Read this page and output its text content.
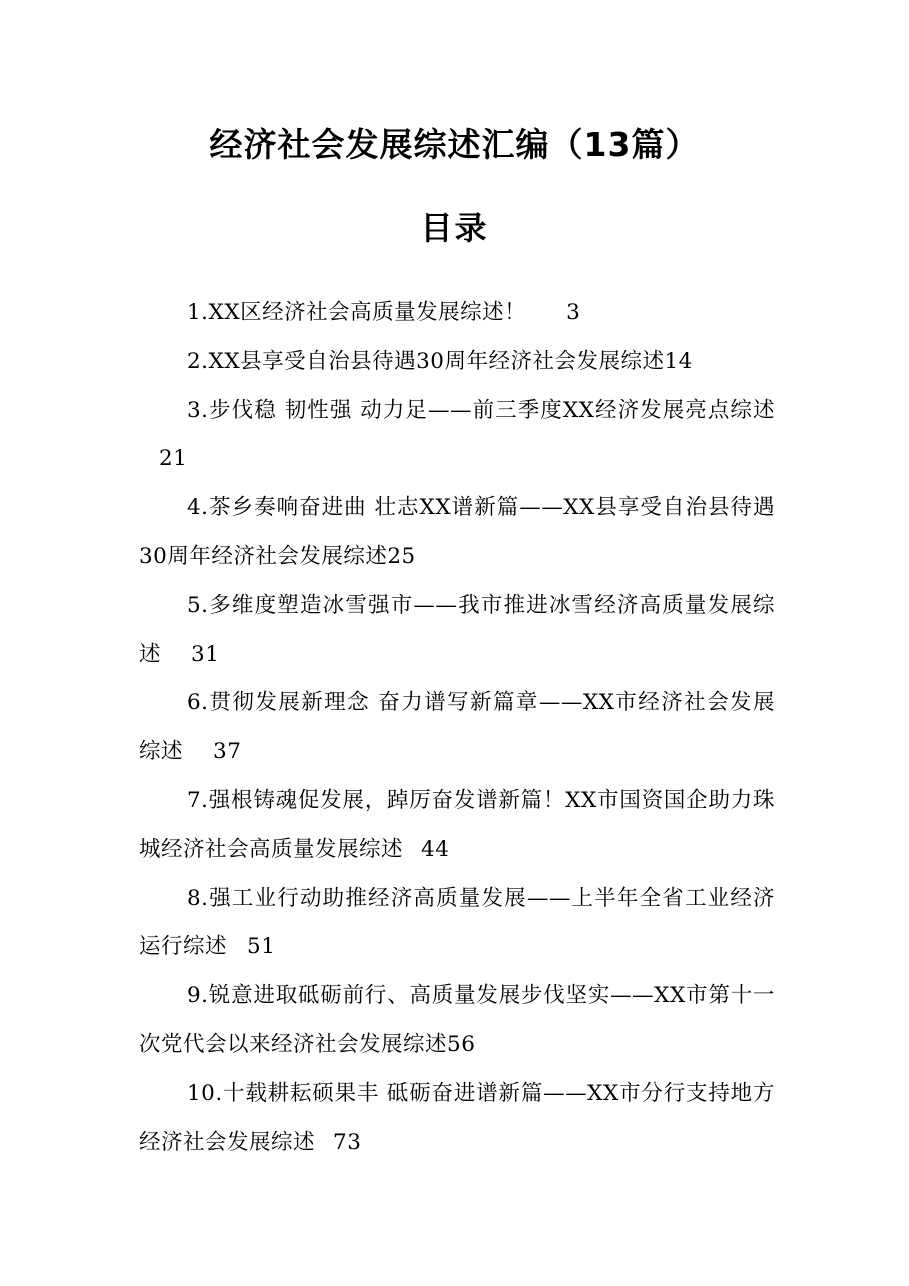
经济社会发展综述汇编（13篇）
目录
1.XX区经济社会高质量发展综述！ 3
2.XX县享受自治县待遇30周年经济社会发展综述14
3.步伐稳 韧性强 动力足——前三季度XX经济发展亮点综述21
4.茶乡奏响奋进曲 壮志XX谱新篇——XX县享受自治县待遇30周年经济社会发展综述25
5.多维度塑造冰雪强市——我市推进冰雪经济高质量发展综述 31
6.贯彻发展新理念 奋力谱写新篇章——XX市经济社会发展综述 37
7.强根铸魂促发展，踔厉奋发谱新篇！XX市国资国企助力珠城经济社会高质量发展综述 44
8.强工业行动助推经济高质量发展——上半年全省工业经济运行综述 51
9.锐意进取砥砺前行、高质量发展步伐坚实——XX市第十一次党代会以来经济社会发展综述56
10.十载耕耘硕果丰 砥砺奋进谱新篇——XX市分行支持地方经济社会发展综述 73
